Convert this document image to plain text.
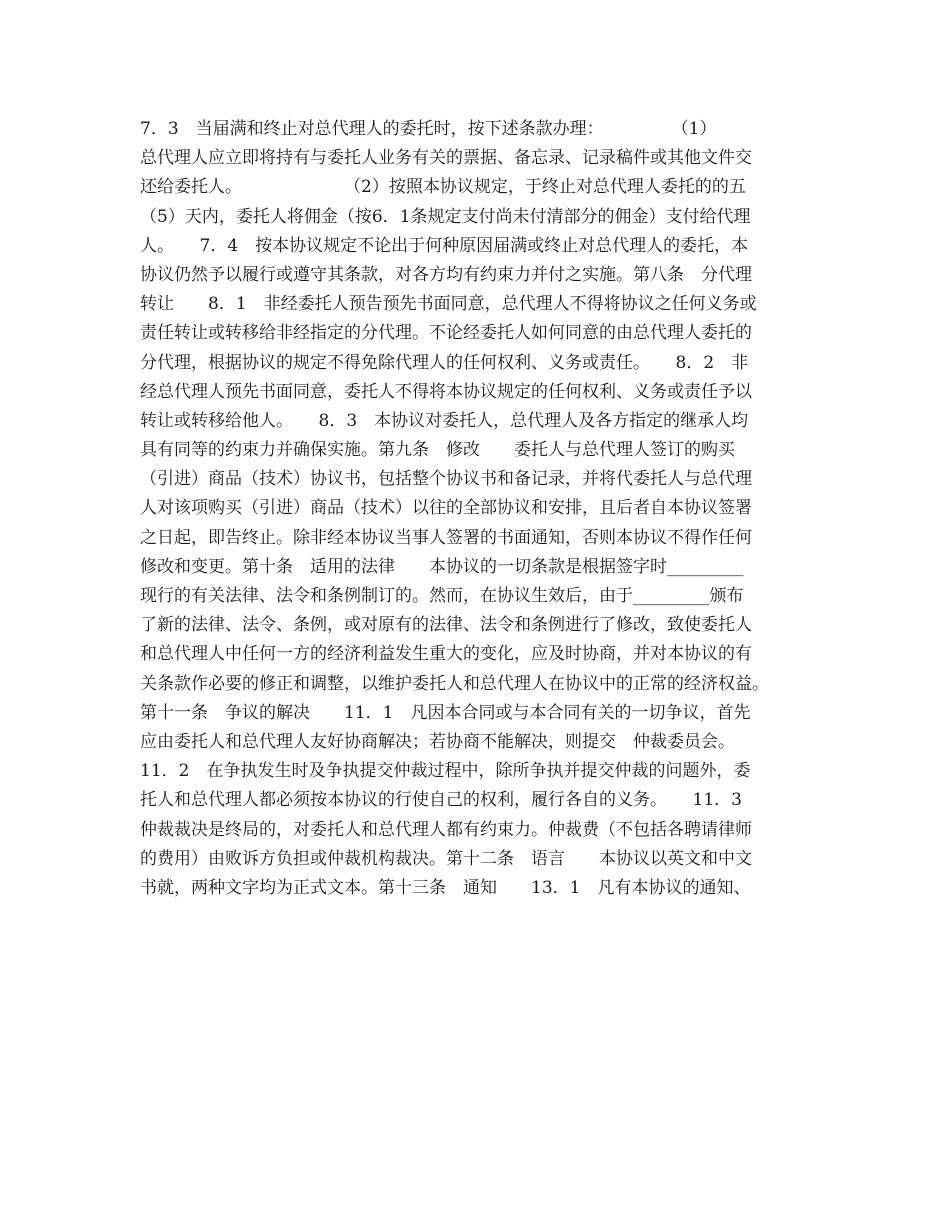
7．3　当届满和终止对总代理人的委托时，按下述条款办理：　　　　　（1）
总代理人应立即将持有与委托人业务有关的票据、备忘录、记录稿件或其他文件交
还给委托人。　　　　　　　（2）按照本协议规定，于终止对总代理人委托的的五
（5）天内，委托人将佣金（按6．1条规定支付尚未付清部分的佣金）支付给代理
人。　　7．4　按本协议规定不论出于何种原因届满或终止对总代理人的委托，本
协议仍然予以履行或遵守其条款，对各方均有约束力并付之实施。第八条　分代理
转让　　8．1　非经委托人预告预先书面同意，总代理人不得将协议之任何义务或
责任转让或转移给非经指定的分代理。不论经委托人如何同意的由总代理人委托的
分代理，根据协议的规定不得免除代理人的任何权利、义务或责任。　　8．2　非
经总代理人预先书面同意，委托人不得将本协议规定的任何权利、义务或责任予以
转让或转移给他人。　　8．3　本协议对委托人，总代理人及各方指定的继承人均
具有同等的约束力并确保实施。第九条　修改　　委托人与总代理人签订的购买
（引进）商品（技术）协议书，包括整个协议书和备记录，并将代委托人与总代理
人对该项购买（引进）商品（技术）以往的全部协议和安排，且后者自本协议签署
之日起，即告终止。除非经本协议当事人签署的书面通知，否则本协议不得作任何
修改和变更。第十条　适用的法律　　本协议的一切条款是根据签字时_________
现行的有关法律、法令和条例制订的。然而，在协议生效后，由于_________颁布
了新的法律、法令、条例，或对原有的法律、法令和条例进行了修改，致使委托人
和总代理人中任何一方的经济利益发生重大的变化，应及时协商，并对本协议的有
关条款作必要的修正和调整，以维护委托人和总代理人在协议中的正常的经济权益。
第十一条　争议的解决　　11．1　凡因本合同或与本合同有关的一切争议，首先
应由委托人和总代理人友好协商解决；若协商不能解决，则提交　仲裁委员会。
11．2　在争执发生时及争执提交仲裁过程中，除所争执并提交仲裁的问题外，委
托人和总代理人都必须按本协议的行使自己的权利，履行各自的义务。　　11．3
仲裁裁决是终局的，对委托人和总代理人都有约束力。仲裁费（不包括各聘请律师
的费用）由败诉方负担或仲裁机构裁决。第十二条　语言　　本协议以英文和中文
书就，两种文字均为正式文本。第十三条　通知　　13．1　凡有本协议的通知、
